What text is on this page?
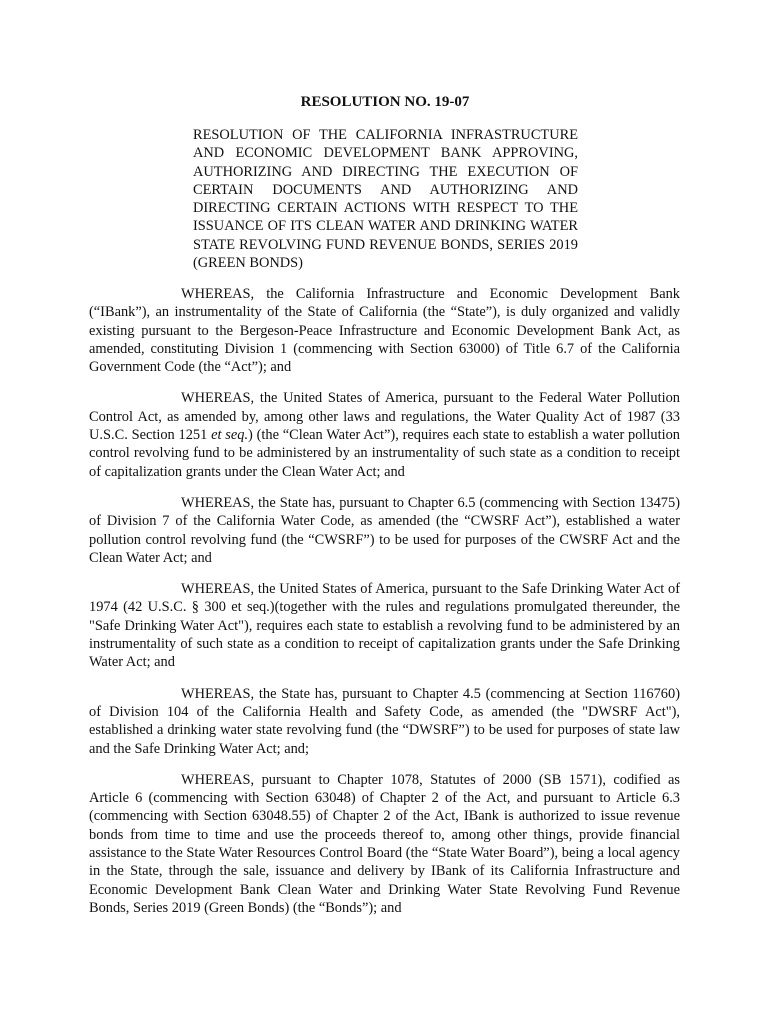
RESOLUTION NO. 19-07

RESOLUTION OF THE CALIFORNIA INFRASTRUCTURE AND ECONOMIC DEVELOPMENT BANK APPROVING, AUTHORIZING AND DIRECTING THE EXECUTION OF CERTAIN DOCUMENTS AND AUTHORIZING AND DIRECTING CERTAIN ACTIONS WITH RESPECT TO THE ISSUANCE OF ITS CLEAN WATER AND DRINKING WATER STATE REVOLVING FUND REVENUE BONDS, SERIES 2019 (GREEN BONDS)

WHEREAS, the California Infrastructure and Economic Development Bank (“IBank”), an instrumentality of the State of California (the “State”), is duly organized and validly existing pursuant to the Bergeson-Peace Infrastructure and Economic Development Bank Act, as amended, constituting Division 1 (commencing with Section 63000) of Title 6.7 of the California Government Code (the “Act”); and

WHEREAS, the United States of America, pursuant to the Federal Water Pollution Control Act, as amended by, among other laws and regulations, the Water Quality Act of 1987 (33 U.S.C. Section 1251 et seq.) (the “Clean Water Act”), requires each state to establish a water pollution control revolving fund to be administered by an instrumentality of such state as a condition to receipt of capitalization grants under the Clean Water Act; and

WHEREAS, the State has, pursuant to Chapter 6.5 (commencing with Section 13475) of Division 7 of the California Water Code, as amended (the “CWSRF Act”), established a water pollution control revolving fund (the “CWSRF”) to be used for purposes of the CWSRF Act and the Clean Water Act; and

WHEREAS, the United States of America, pursuant to the Safe Drinking Water Act of 1974 (42 U.S.C. § 300 et seq.)(together with the rules and regulations promulgated thereunder, the "Safe Drinking Water Act"), requires each state to establish a revolving fund to be administered by an instrumentality of such state as a condition to receipt of capitalization grants under the Safe Drinking Water Act; and

WHEREAS, the State has, pursuant to Chapter 4.5 (commencing at Section 116760) of Division 104 of the California Health and Safety Code, as amended (the "DWSRF Act"), established a drinking water state revolving fund (the “DWSRF”) to be used for purposes of state law and the Safe Drinking Water Act; and;

WHEREAS, pursuant to Chapter 1078, Statutes of 2000 (SB 1571), codified as Article 6 (commencing with Section 63048) of Chapter 2 of the Act, and pursuant to Article 6.3 (commencing with Section 63048.55) of Chapter 2 of the Act, IBank is authorized to issue revenue bonds from time to time and use the proceeds thereof to, among other things, provide financial assistance to the State Water Resources Control Board (the “State Water Board”), being a local agency in the State, through the sale, issuance and delivery by IBank of its California Infrastructure and Economic Development Bank Clean Water and Drinking Water State Revolving Fund Revenue Bonds, Series 2019 (Green Bonds) (the “Bonds”); and
